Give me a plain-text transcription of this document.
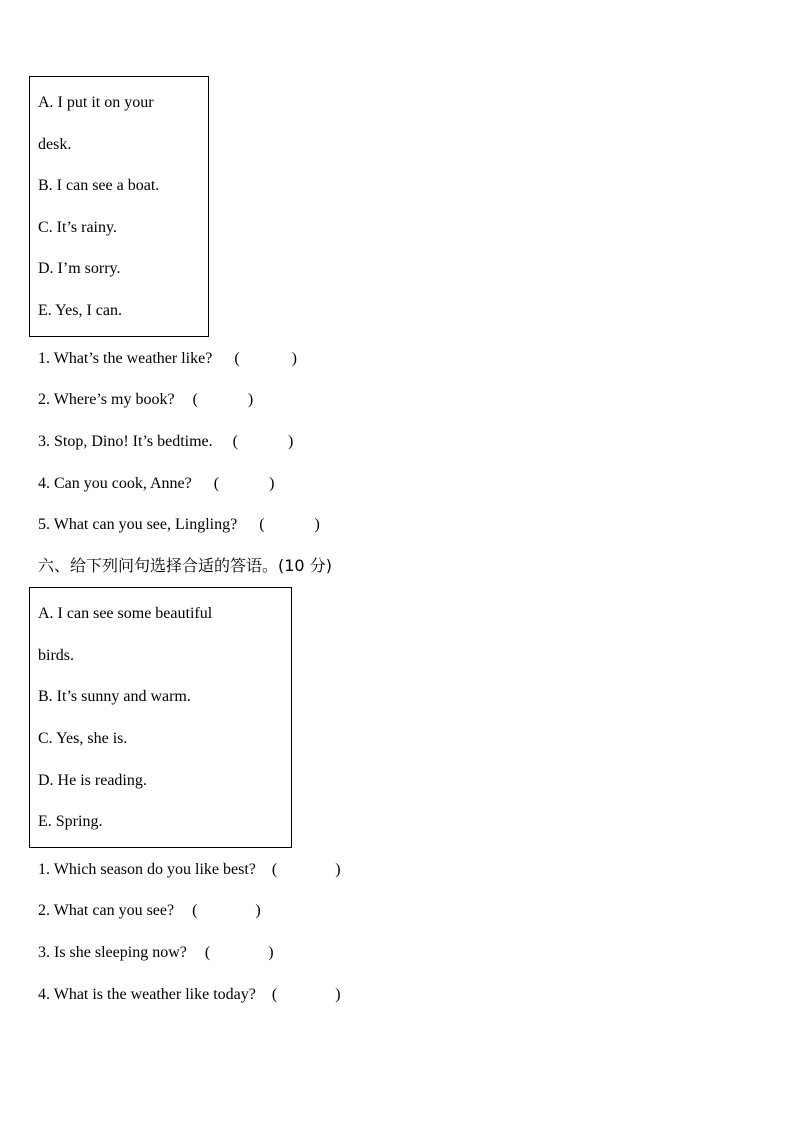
A. I put it on your
desk.
B. I can see a boat.
C. It’s rainy.
D. I’m sorry.
E. Yes, I can.
1. What’s the weather like? (	)
2. Where’s my book? (	)
3. Stop, Dino! It’s bedtime. (	)
4. Can you cook, Anne? (	)
5. What can you see, Lingling? (	)
六、给下列问句选择合适的答语。(10 分)
A. I can see some beautiful
birds.
B. It’s sunny and warm.
C. Yes, she is.
D. He is reading.
E. Spring.
1. Which season do you like best? (	)
2. What can you see? (	)
3. Is she sleeping now? (	)
4. What is the weather like today? (	)
